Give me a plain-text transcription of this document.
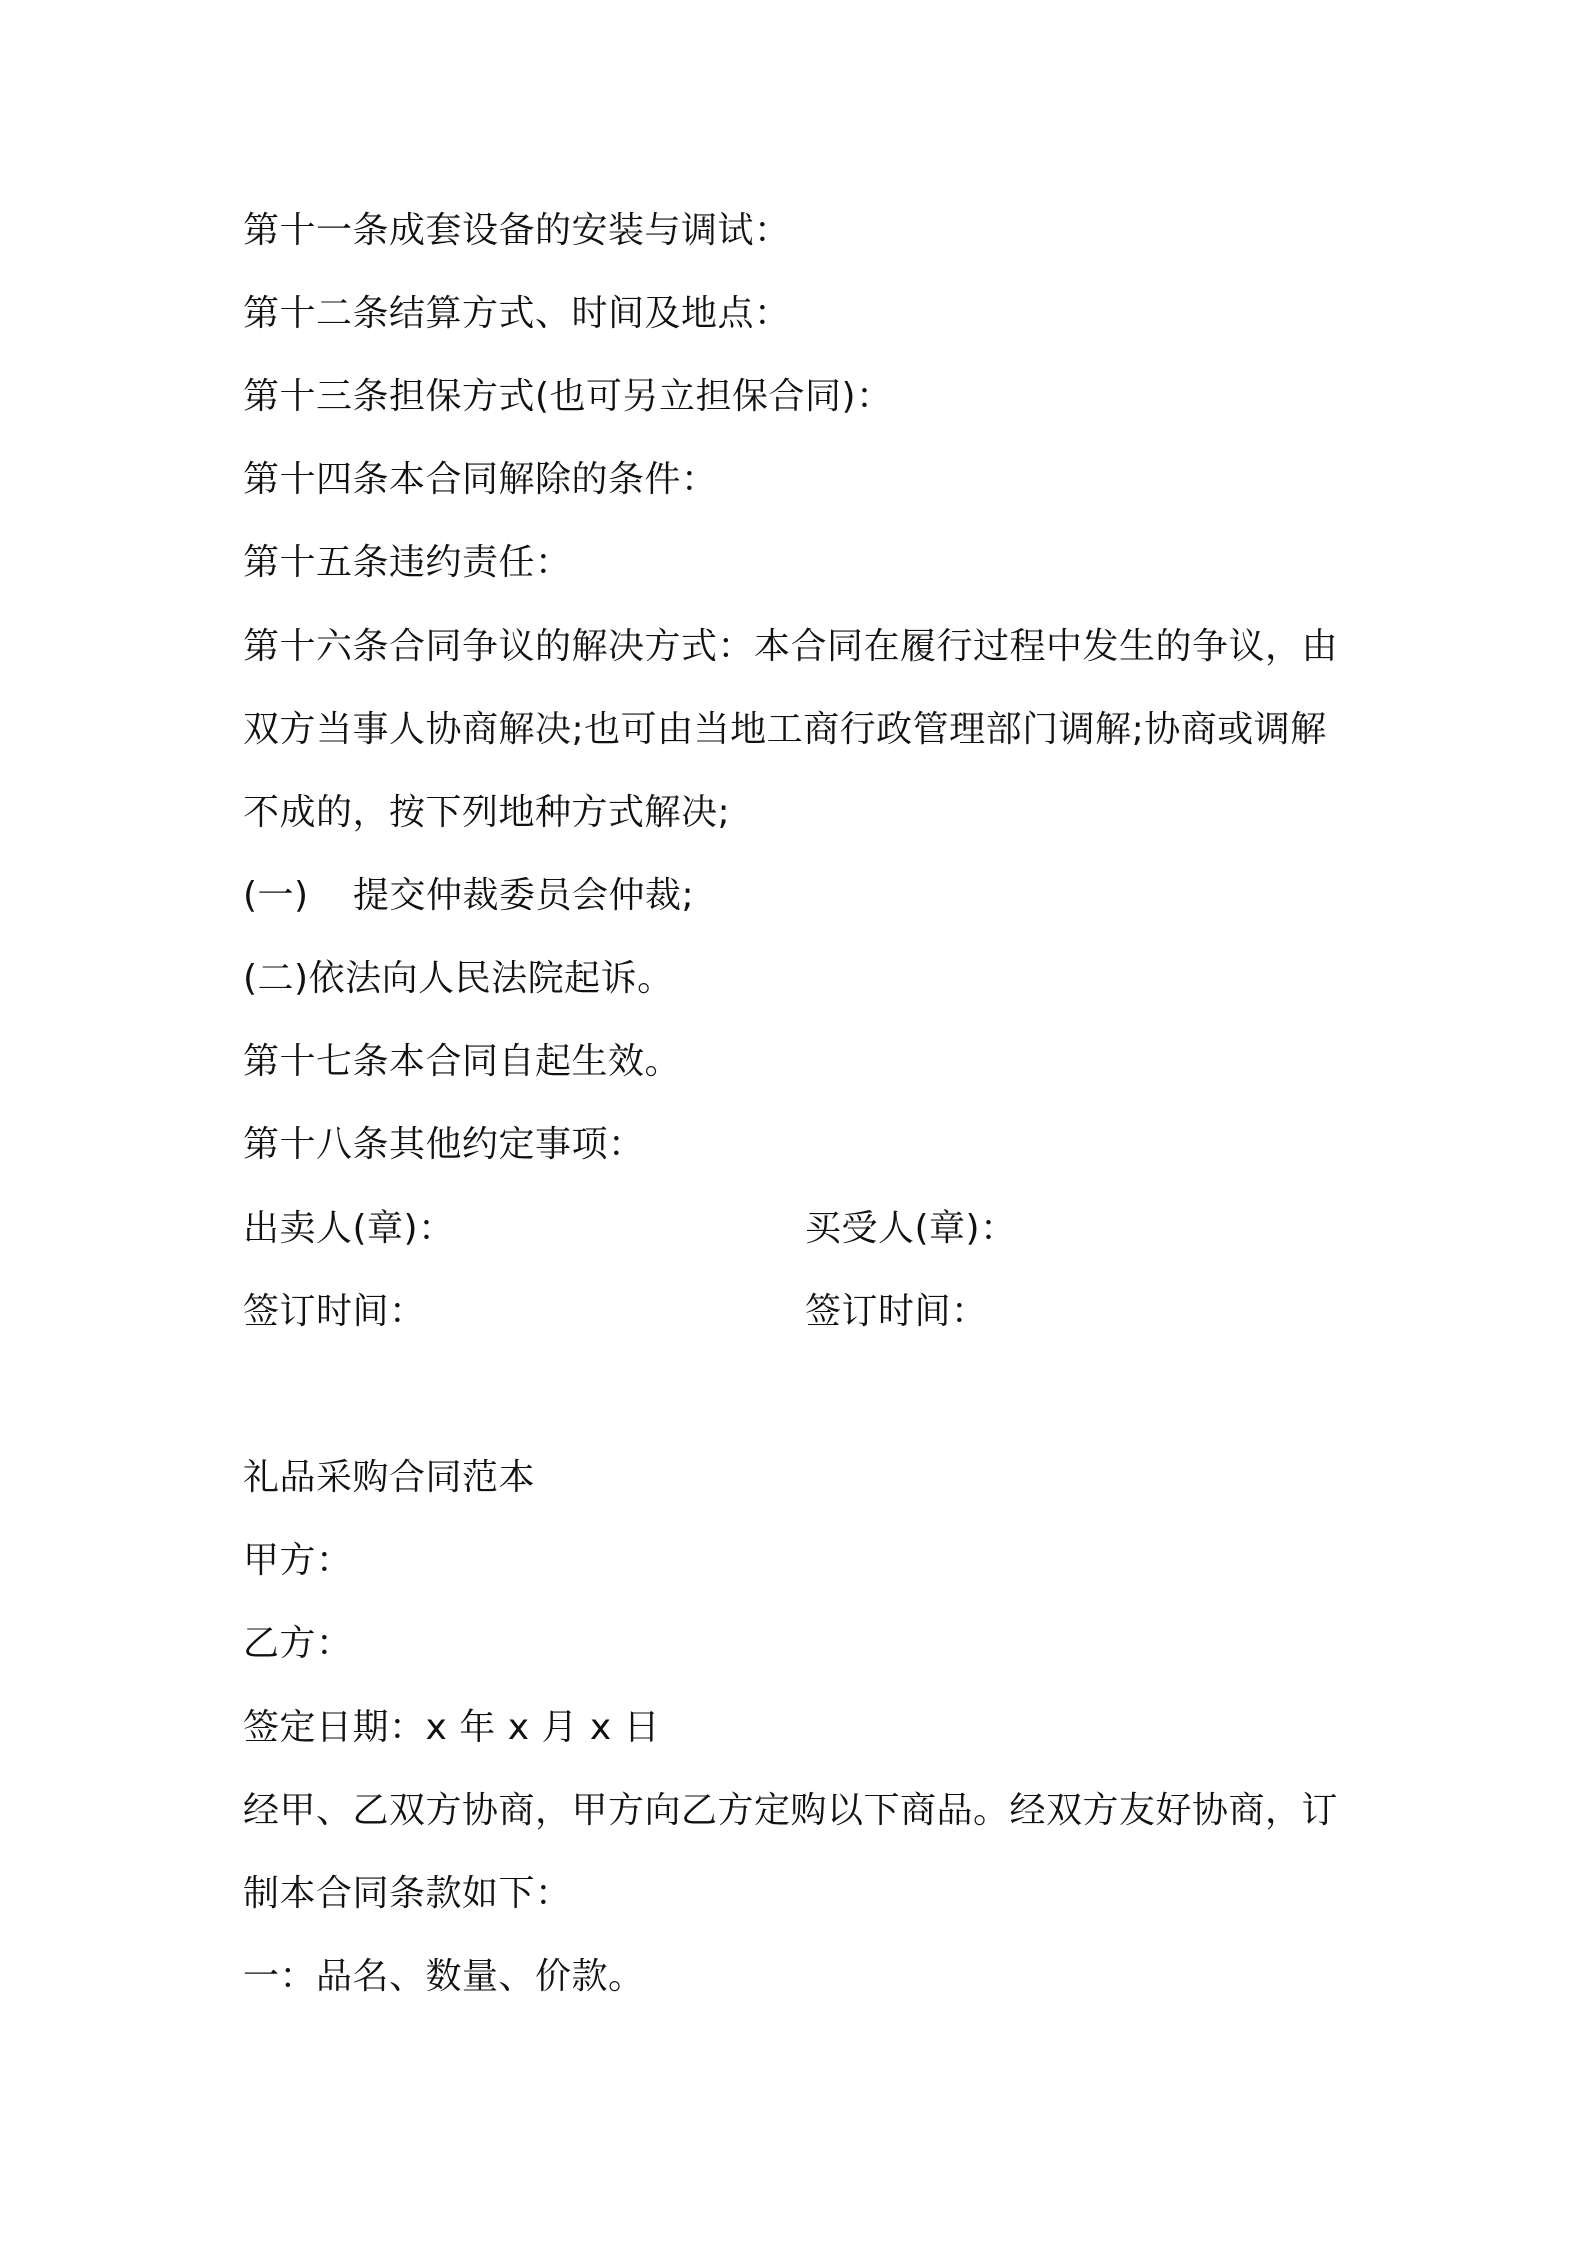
第十一条成套设备的安装与调试：
第十二条结算方式、时间及地点：
第十三条担保方式(也可另立担保合同)：
第十四条本合同解除的条件：
第十五条违约责任：
第十六条合同争议的解决方式：本合同在履行过程中发生的争议，由
双方当事人协商解决;也可由当地工商行政管理部门调解;协商或调解
不成的，按下列地种方式解决;
(一) 提交仲裁委员会仲裁;
(二)依法向人民法院起诉。
第十七条本合同自起生效。
第十八条其他约定事项：
出卖人(章)：	买受人(章)：
签订时间：	签订时间：
礼品采购合同范本
甲方：
乙方：
签定日期：x 年 x 月 x 日
经甲、乙双方协商，甲方向乙方定购以下商品。经双方友好协商，订
制本合同条款如下：
一：品名、数量、价款。
